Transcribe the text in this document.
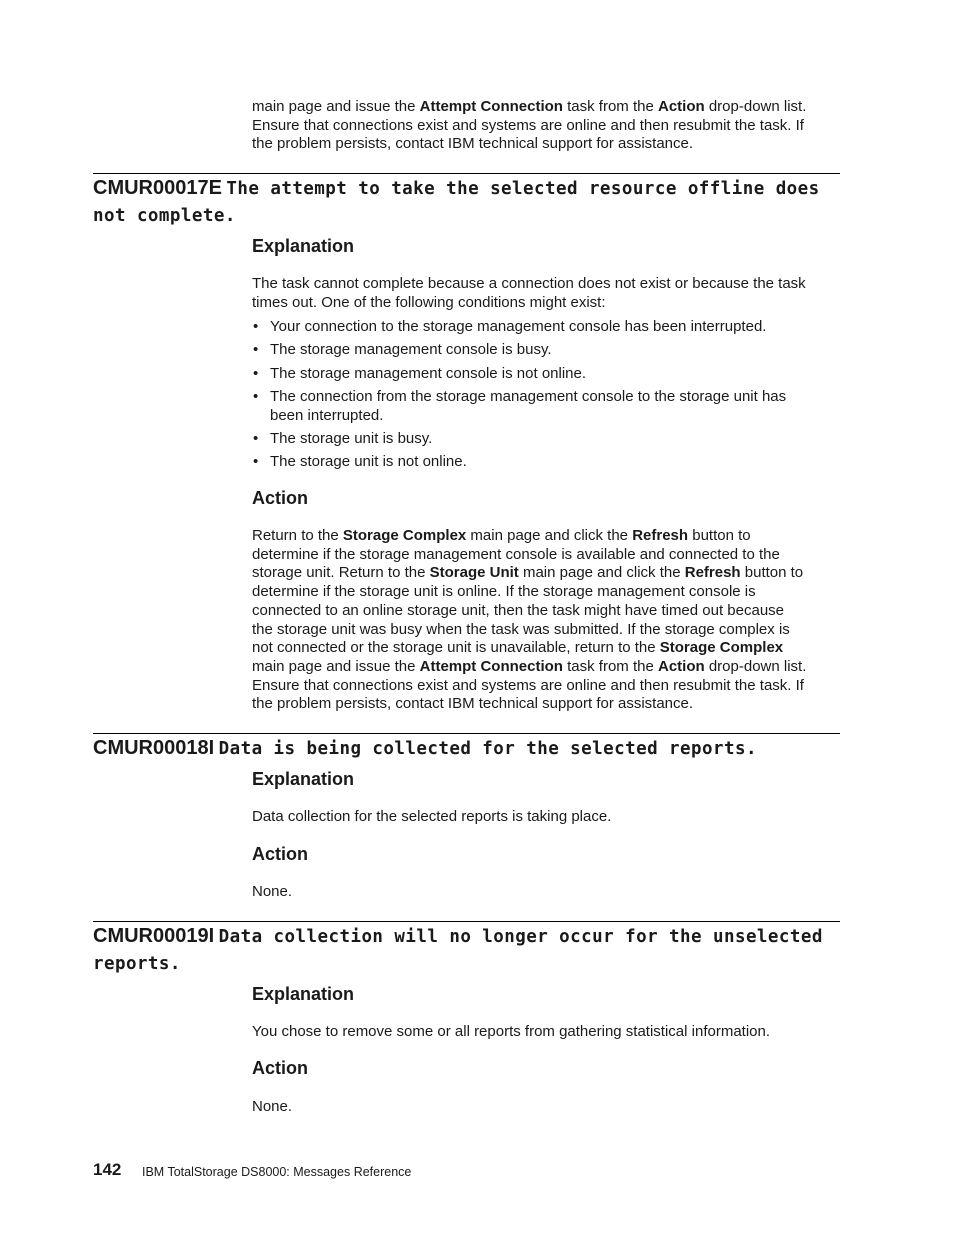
main page and issue the Attempt Connection task from the Action drop-down list.
Ensure that connections exist and systems are online and then resubmit the task. If
the problem persists, contact IBM technical support for assistance.
CMUR00017E The attempt to take the selected resource offline does
not complete.
Explanation
The task cannot complete because a connection does not exist or because the task
times out. One of the following conditions might exist:
• Your connection to the storage management console has been interrupted.
• The storage management console is busy.
• The storage management console is not online.
• The connection from the storage management console to the storage unit has
been interrupted.
• The storage unit is busy.
• The storage unit is not online.
Action
Return to the Storage Complex main page and click the Refresh button to
determine if the storage management console is available and connected to the
storage unit. Return to the Storage Unit main page and click the Refresh button to
determine if the storage unit is online. If the storage management console is
connected to an online storage unit, then the task might have timed out because
the storage unit was busy when the task was submitted. If the storage complex is
not connected or the storage unit is unavailable, return to the Storage Complex
main page and issue the Attempt Connection task from the Action drop-down list.
Ensure that connections exist and systems are online and then resubmit the task. If
the problem persists, contact IBM technical support for assistance.
CMUR00018I Data is being collected for the selected reports.
Explanation
Data collection for the selected reports is taking place.
Action
None.
CMUR00019I Data collection will no longer occur for the unselected
reports.
Explanation
You chose to remove some or all reports from gathering statistical information.
Action
None.
142 IBM TotalStorage DS8000: Messages Reference
